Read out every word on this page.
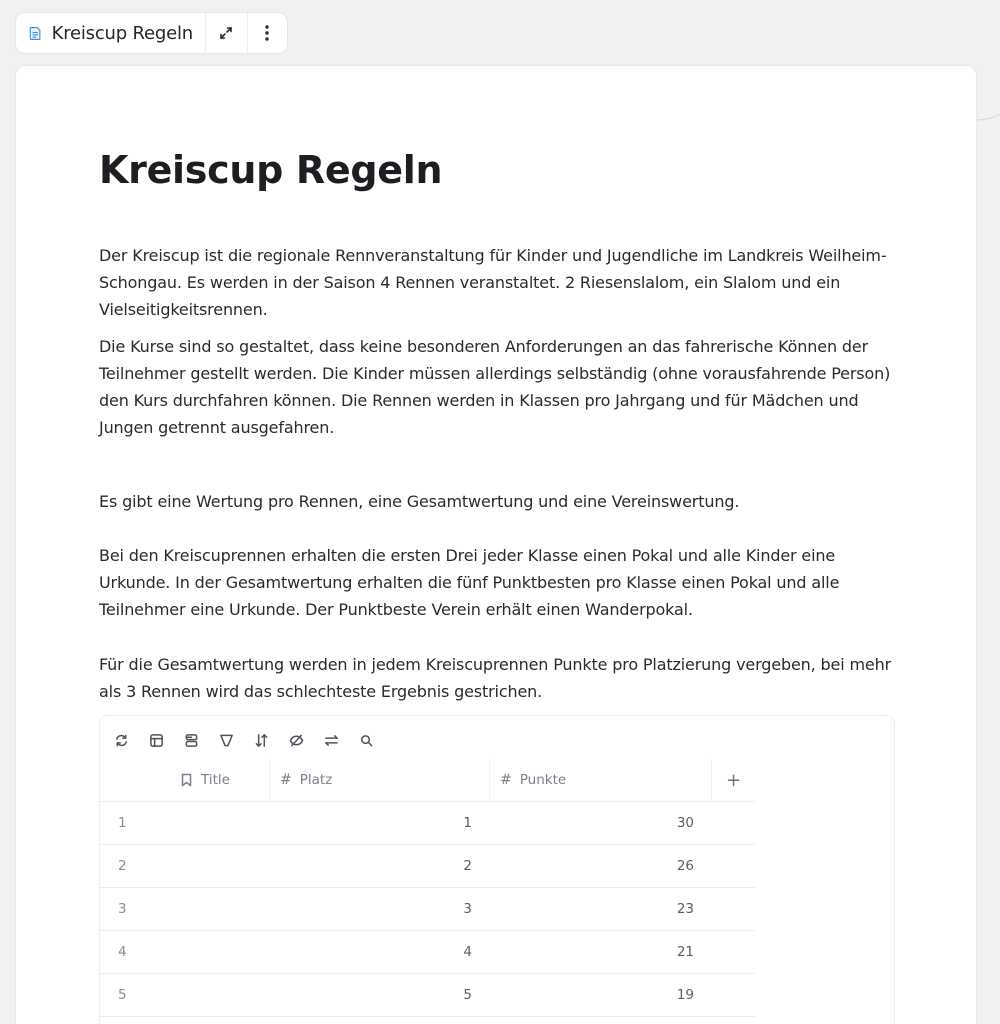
Kreiscup Regeln
Kreiscup Regeln

Der Kreiscup ist die regionale Rennveranstaltung für Kinder und Jugendliche im Landkreis Weilheim-Schongau. Es werden in der Saison 4 Rennen veranstaltet. 2 Riesenslalom, ein Slalom und ein Vielseitigkeitsrennen.

Die Kurse sind so gestaltet, dass keine besonderen Anforderungen an das fahrerische Können der Teilnehmer gestellt werden. Die Kinder müssen allerdings selbständig (ohne vorausfahrende Person) den Kurs durchfahren können. Die Rennen werden in Klassen pro Jahrgang und für Mädchen und Jungen getrennt ausgefahren.

Es gibt eine Wertung pro Rennen, eine Gesamtwertung und eine Vereinswertung.

Bei den Kreiscuprennen erhalten die ersten Drei jeder Klasse einen Pokal und alle Kinder eine Urkunde. In der Gesamtwertung erhalten die fünf Punktbesten pro Klasse einen Pokal und alle Teilnehmer eine Urkunde. Der Punktbeste Verein erhält einen Wanderpokal.

Für die Gesamtwertung werden in jedem Kreiscuprennen Punkte pro Platzierung vergeben, bei mehr als 3 Rennen wird das schlechteste Ergebnis gestrichen.

Title	# Platz	# Punkte	+
1	1	30
2	2	26
3	3	23
4	4	21
5	5	19
